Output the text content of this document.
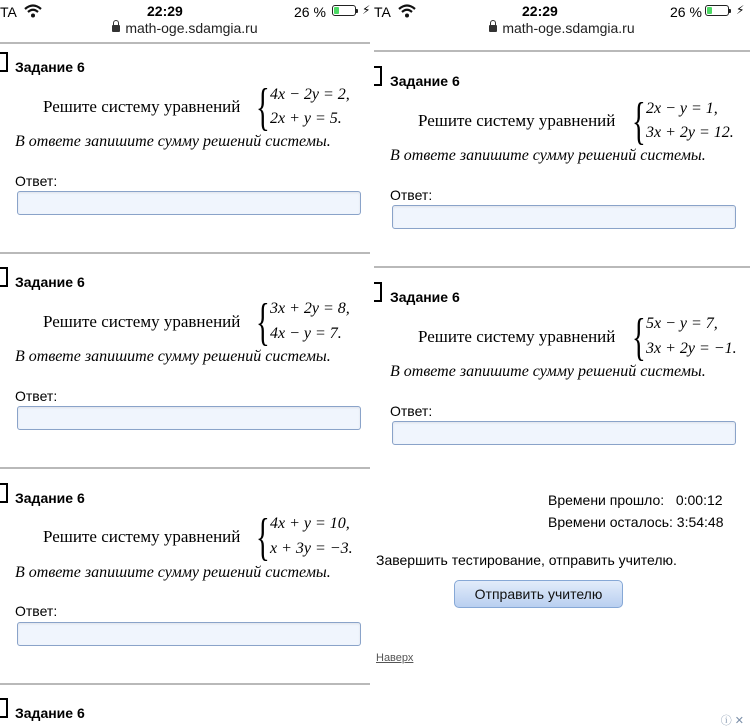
TA	22:29	26 %	⚡
math-oge.sdamgia.ru
Задание 6
Решите систему уравнений { 4x − 2y = 2,
2x + y = 5.
В ответе запишите сумму решений системы.
Ответ:
Задание 6
Решите систему уравнений { 3x + 2y = 8,
4x − y = 7.
В ответе запишите сумму решений системы.
Ответ:
Задание 6
Решите систему уравнений { 4x + y = 10,
x + 3y = −3.
В ответе запишите сумму решений системы.
Ответ:
Задание 6
TA	22:29	26 %	⚡
math-oge.sdamgia.ru
Задание 6
Решите систему уравнений { 2x − y = 1,
3x + 2y = 12.
В ответе запишите сумму решений системы.
Ответ:
Задание 6
Решите систему уравнений { 5x − y = 7,
3x + 2y = −1.
В ответе запишите сумму решений системы.
Ответ:
Времени прошло: 0:00:12
Времени осталось: 3:54:48
Завершить тестирование, отправить учителю.
Отправить учителю
Наверх
ⓘ ✕
